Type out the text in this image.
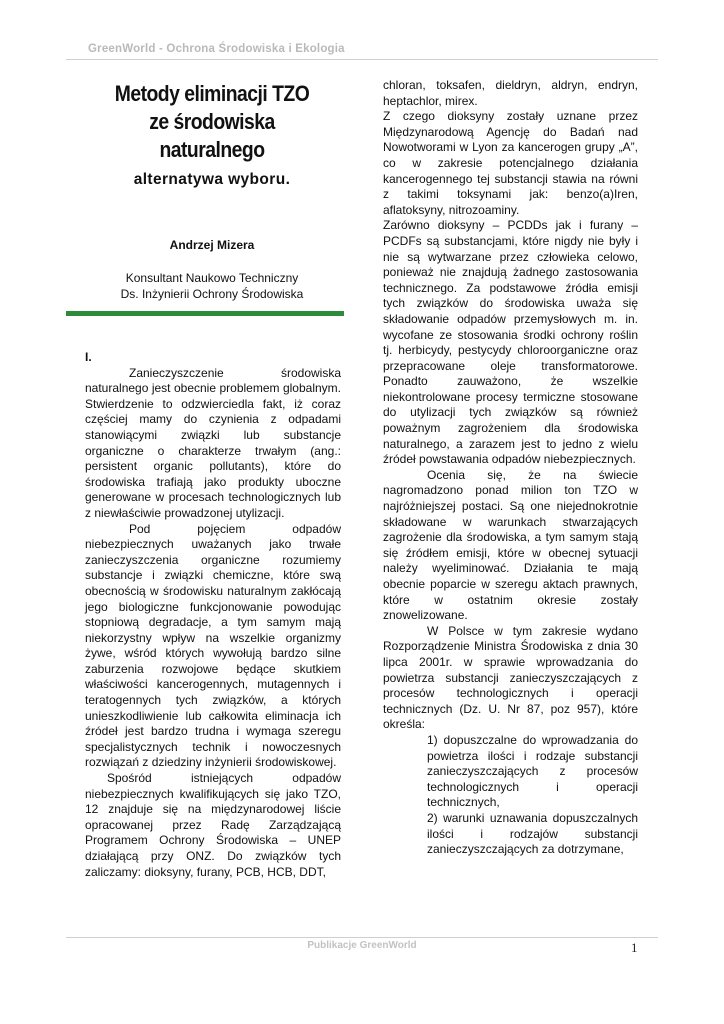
GreenWorld - Ochrona Środowiska i Ekologia
Metody eliminacji TZO
ze środowiska
naturalnego
alternatywa wyboru.
Andrzej Mizera
Konsultant Naukowo Techniczny
Ds. Inżynierii Ochrony Środowiska

I.

Zanieczyszczenie środowiska naturalnego jest obecnie problemem globalnym. Stwierdzenie to odzwierciedla fakt, iż coraz częściej mamy do czynienia z odpadami stanowiącymi związki lub substancje organiczne o charakterze trwałym (ang.: persistent organic pollutants), które do środowiska trafiają jako produkty uboczne generowane w procesach technologicznych lub z niewłaściwie prowadzonej utylizacji.

Pod pojęciem odpadów niebezpiecznych uważanych jako trwałe zanieczyszczenia organiczne rozumiemy substancje i związki chemiczne, które swą obecnością w środowisku naturalnym zakłócają jego biologiczne funkcjonowanie powodując stopniową degradacje, a tym samym mają niekorzystny wpływ na wszelkie organizmy żywe, wśród których wywołują bardzo silne zaburzenia rozwojowe będące skutkiem właściwości kancerogennych, mutagennych i teratogennych tych związków, a których unieszkodliwienie lub całkowita eliminacja ich źródeł jest bardzo trudna i wymaga szeregu specjalistycznych technik i nowoczesnych rozwiązań z dziedziny inżynierii środowiskowej.

Spośród istniejących odpadów niebezpiecznych kwalifikujących się jako TZO, 12 znajduje się na międzynarodowej liście opracowanej przez Radę Zarządzającą Programem Ochrony Środowiska – UNEP działającą przy ONZ. Do związków tych zaliczamy: dioksyny, furany, PCB, HCB, DDT,

chloran, toksafen, dieldryn, aldryn, endryn, heptachlor, mirex.

Z czego dioksyny zostały uznane przez Międzynarodową Agencję do Badań nad Nowotworami w Lyon za kancerogen grupy „A”, co w zakresie potencjalnego działania kancerogennego tej substancji stawia na równi z takimi toksynami jak: benzo(a)Iren, aflatoksyny, nitrozoaminy.

Zarówno dioksyny – PCDDs jak i furany – PCDFs są substancjami, które nigdy nie były i nie są wytwarzane przez człowieka celowo, ponieważ nie znajdują żadnego zastosowania technicznego. Za podstawowe źródła emisji tych związków do środowiska uważa się składowanie odpadów przemysłowych m. in. wycofane ze stosowania środki ochrony roślin tj. herbicydy, pestycydy chloroorganiczne oraz przepracowane oleje transformatorowe. Ponadto zauważono, że wszelkie niekontrolowane procesy termiczne stosowane do utylizacji tych związków są również poważnym zagrożeniem dla środowiska naturalnego, a zarazem jest to jedno z wielu źródeł powstawania odpadów niebezpiecznych.

Ocenia się, że na świecie nagromadzono ponad milion ton TZO w najróżniejszej postaci. Są one niejednokrotnie składowane w warunkach stwarzających zagrożenie dla środowiska, a tym samym stają się źródłem emisji, które w obecnej sytuacji należy wyeliminować. Działania te mają obecnie poparcie w szeregu aktach prawnych, które w ostatnim okresie zostały znowelizowane.

W Polsce w tym zakresie wydano Rozporządzenie Ministra Środowiska z dnia 30 lipca 2001r. w sprawie wprowadzania do powietrza substancji zanieczyszczających z procesów technologicznych i operacji technicznych (Dz. U. Nr 87, poz 957), które określa:

1) dopuszczalne do wprowadzania do powietrza ilości i rodzaje substancji zanieczyszczających z procesów technologicznych i operacji technicznych,

2) warunki uznawania dopuszczalnych ilości i rodzajów substancji zanieczyszczających za dotrzymane,

Publikacje GreenWorld	1
